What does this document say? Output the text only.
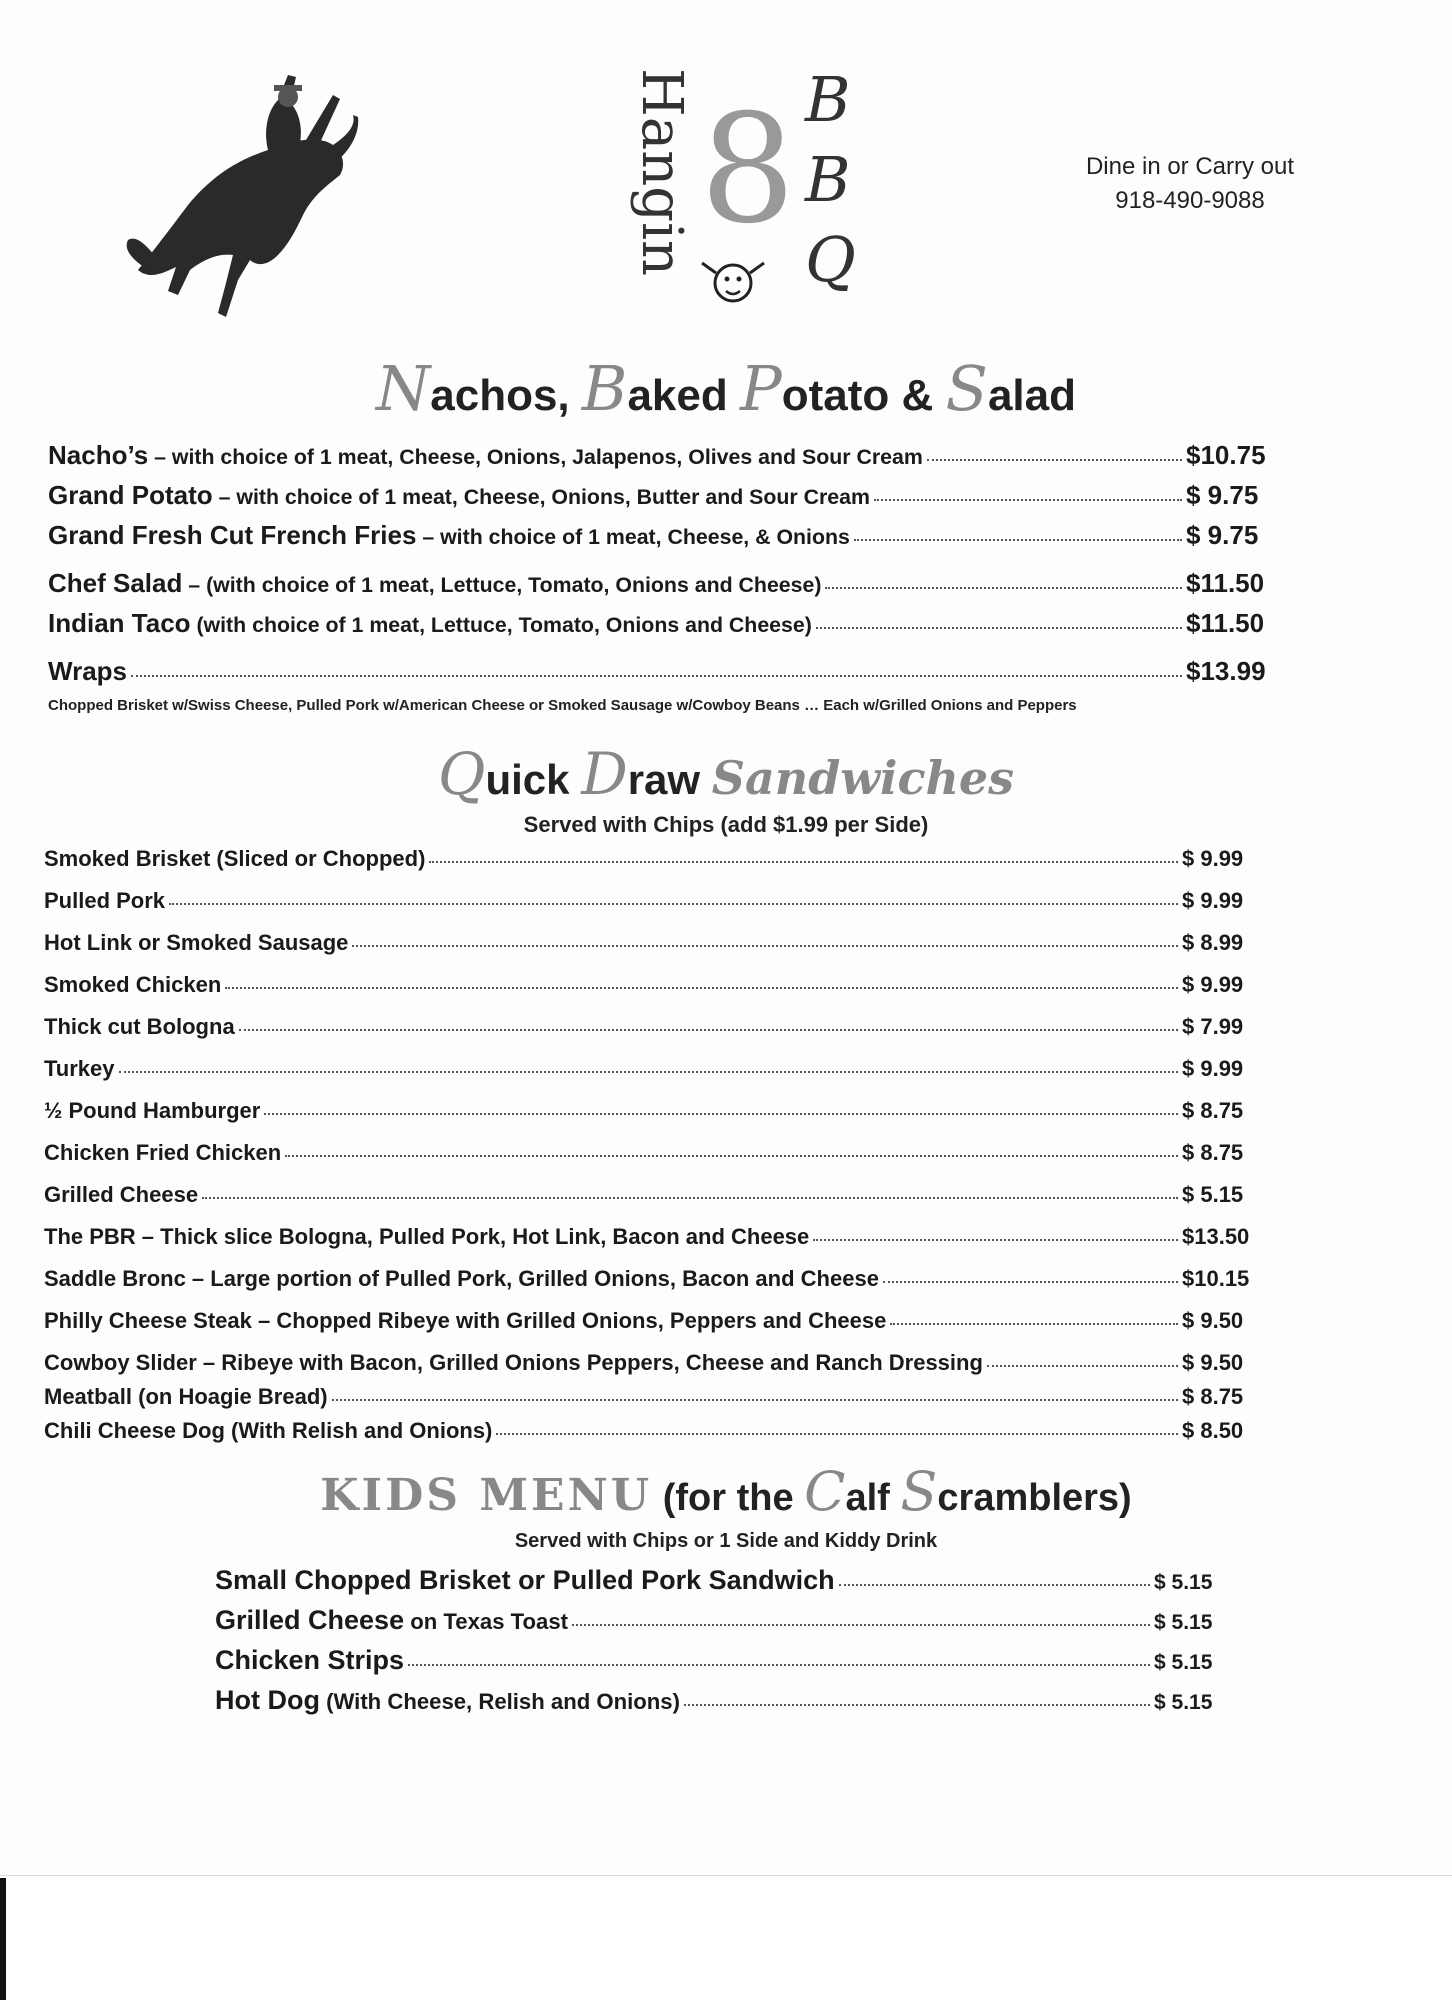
Hangin 8 B
B
Q
Dine in or Carry out
918-490-9088
Nachos, Baked Potato & Salad
Nacho’s – with choice of 1 meat, Cheese, Onions, Jalapenos, Olives and Sour Cream	$10.75
Grand Potato – with choice of 1 meat, Cheese, Onions, Butter and Sour Cream	$ 9.75
Grand Fresh Cut French Fries – with choice of 1 meat, Cheese, & Onions	$ 9.75
Chef Salad – (with choice of 1 meat, Lettuce, Tomato, Onions and Cheese)	$11.50
Indian Taco (with choice of 1 meat, Lettuce, Tomato, Onions and Cheese)	$11.50
Wraps	$13.99
Chopped Brisket w/Swiss Cheese, Pulled Pork w/American Cheese or Smoked Sausage w/Cowboy Beans … Each w/Grilled Onions and Peppers
Quick Draw Sandwiches
Served with Chips (add $1.99 per Side)
Smoked Brisket (Sliced or Chopped)	$ 9.99
Pulled Pork	$ 9.99
Hot Link or Smoked Sausage	$ 8.99
Smoked Chicken	$ 9.99
Thick cut Bologna	$ 7.99
Turkey	$ 9.99
½ Pound Hamburger	$ 8.75
Chicken Fried Chicken	$ 8.75
Grilled Cheese	$ 5.15
The PBR – Thick slice Bologna, Pulled Pork, Hot Link, Bacon and Cheese	$13.50
Saddle Bronc – Large portion of Pulled Pork, Grilled Onions, Bacon and Cheese	$10.15
Philly Cheese Steak – Chopped Ribeye with Grilled Onions, Peppers and Cheese	$ 9.50
Cowboy Slider – Ribeye with Bacon, Grilled Onions Peppers, Cheese and Ranch Dressing	$ 9.50
Meatball (on Hoagie Bread)	$ 8.75
Chili Cheese Dog (With Relish and Onions)	$ 8.50
KIDS MENU (for the Calf Scramblers)
Served with Chips or 1 Side and Kiddy Drink
Small Chopped Brisket or Pulled Pork Sandwich	$ 5.15
Grilled Cheese on Texas Toast	$ 5.15
Chicken Strips	$ 5.15
Hot Dog (With Cheese, Relish and Onions)	$ 5.15
